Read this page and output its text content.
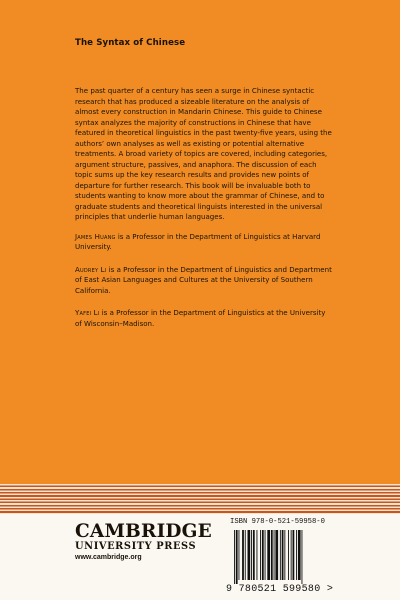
The Syntax of Chinese

The past quarter of a century has seen a surge in Chinese syntactic research that has produced a sizeable literature on the analysis of almost every construction in Mandarin Chinese. This guide to Chinese syntax analyzes the majority of constructions in Chinese that have featured in theoretical linguistics in the past twenty-five years, using the authors’ own analyses as well as existing or potential alternative treatments. A broad variety of topics are covered, including categories, argument structure, passives, and anaphora. The discussion of each topic sums up the key research results and provides new points of departure for further research. This book will be invaluable both to students wanting to know more about the grammar of Chinese, and to graduate students and theoretical linguists interested in the universal principles that underlie human languages.

James Huang is a Professor in the Department of Linguistics at Harvard University.

Audrey Li is a Professor in the Department of Linguistics and Department of East Asian Languages and Cultures at the University of Southern California.

Yafei Li is a Professor in the Department of Linguistics at the University of Wisconsin–Madison.

CAMBRIDGE
UNIVERSITY PRESS
www.cambridge.org
ISBN 978-0-521-59958-0
9 780521 599580 >
